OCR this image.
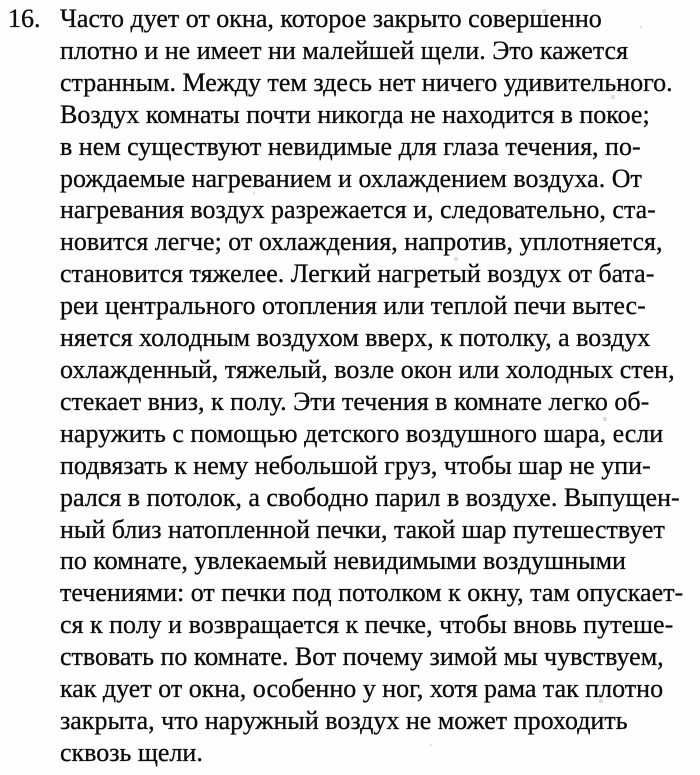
16. Часто дует от окна, которое закрыто совершенно
плотно и не имеет ни малейшей щели. Это кажется
странным. Между тем здесь нет ничего удивительного.
Воздух комнаты почти никогда не находится в покое;
в нем существуют невидимые для глаза течения, по-
рождаемые нагреванием и охлаждением воздуха. От
нагревания воздух разрежается и, следовательно, ста-
новится легче; от охлаждения, напротив, уплотняется,
становится тяжелее. Легкий нагретый воздух от бата-
реи центрального отопления или теплой печи вытес-
няется холодным воздухом вверх, к потолку, а воздух
охлажденный, тяжелый, возле окон или холодных стен,
стекает вниз, к полу. Эти течения в комнате легко об-
наружить с помощью детского воздушного шара, если
подвязать к нему небольшой груз, чтобы шар не упи-
рался в потолок, а свободно парил в воздухе. Выпущен-
ный близ натопленной печки, такой шар путешествует
по комнате, увлекаемый невидимыми воздушными
течениями: от печки под потолком к окну, там опускает-
ся к полу и возвращается к печке, чтобы вновь путеше-
ствовать по комнате. Вот почему зимой мы чувствуем,
как дует от окна, особенно у ног, хотя рама так плотно
закрыта, что наружный воздух не может проходить
сквозь щели.
